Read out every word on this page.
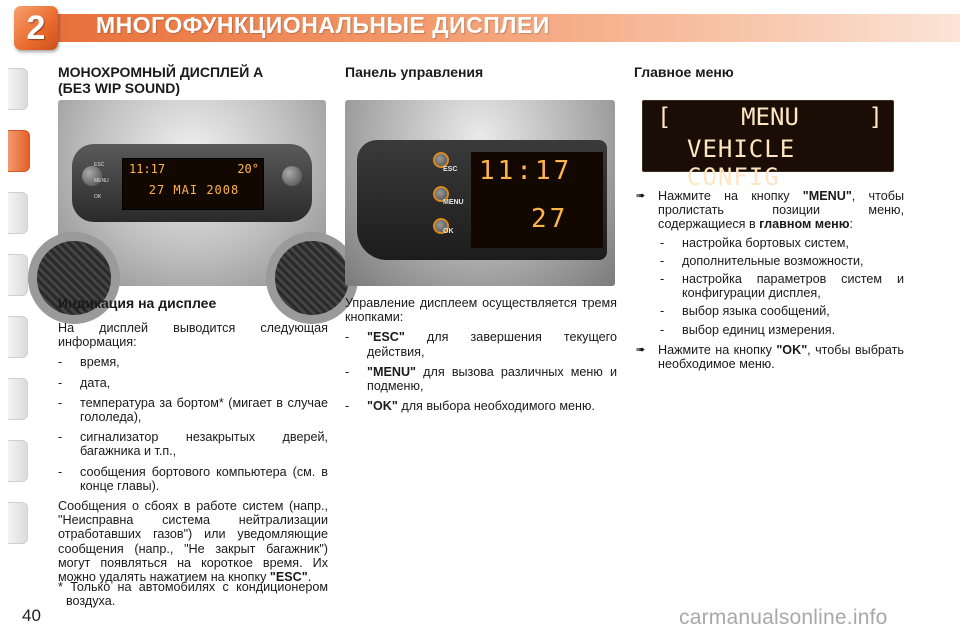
2	МНОГОФУНКЦИОНАЛЬНЫЕ ДИСПЛЕИ
МОНОХРОМНЫЙ ДИСПЛЕЙ А
(БЕЗ WIP SOUND)
ESC
MENU
OK
11:17	20°
27 MAI 2008
Индикация на дисплее

На дисплей выводится следующая информация:

- время,
- дата,
- температура за бортом* (мигает в случае гололеда),
- сигнализатор незакрытых дверей, багажника и т.п.,
- сообщения бортового компьютера (см. в конце главы).

Сообщения о сбоях в работе систем (напр., "Неисправна система нейтрализации отработавших газов") или уведомляющие сообщения (напр., "Не закрыт багажник") могут появляться на короткое время. Их можно удалять нажатием на кнопку "ESC".

* Только на автомобилях с кондиционером воздуха.

Панель управления
ESC
MENU
OK
11:17
27

Управление дисплеем осуществляется тремя кнопками:

- "ESC" для завершения текущего действия,
- "MENU" для вызова различных меню и подменю,
- "OK" для выбора необходимого меню.
Главное меню
[	MENU	]
VEHICLE CONFIG
➠ Нажмите на кнопку "MENU", чтобы пролистать позиции меню, содержащиеся в главном меню:
- настройка бортовых систем,
- дополнительные возможности,
- настройка параметров систем и конфигурации дисплея,
- выбор языка сообщений,
- выбор единиц измерения.
➠ Нажмите на кнопку "OK", чтобы выбрать необходимое меню.
40	carmanualsonline.info
